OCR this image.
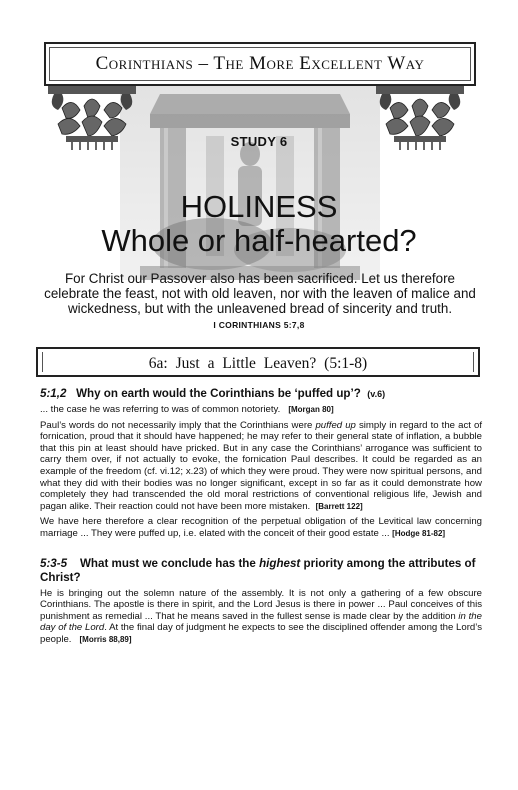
Corinthians – The More Excellent Way
STUDY 6
HOLINESS
Whole or half-hearted?
For Christ our Passover also has been sacrificed. Let us therefore celebrate the feast, not with old leaven, nor with the leaven of malice and wickedness, but with the unleavened bread of sincerity and truth.
I CORINTHIANS 5:7,8
6a: Just a Little Leaven? (5:1-8)
5:1,2 Why on earth would the Corinthians be ‘puffed up’? (v.6)

... the case he was referring to was of common notoriety. [Morgan 80]

Paul’s words do not necessarily imply that the Corinthians were puffed up simply in regard to the act of fornication, proud that it should have happened; he may refer to their general state of inflation, a bubble that this pin at least should have pricked. But in any case the Corinthians’ arrogance was sufficient to carry them over, if not actually to evoke, the fornication Paul describes. It could be regarded as an example of the freedom (cf. vi.12; x.23) of which they were proud. They were now spiritual persons, and what they did with their bodies was no longer significant, except in so far as it could demonstrate how completely they had transcended the old moral restrictions of conventional religious life, Jewish and pagan alike. Their reaction could not have been more mistaken. [Barrett 122]

We have here therefore a clear recognition of the perpetual obligation of the Levitical law concerning marriage ... They were puffed up, i.e. elated with the conceit of their good estate ... [Hodge 81-82]

5:3-5 What must we conclude has the highest priority among the attributes of Christ?

He is bringing out the solemn nature of the assembly. It is not only a gathering of a few obscure Corinthians. The apostle is there in spirit, and the Lord Jesus is there in power ... Paul conceives of this punishment as remedial ... That he means saved in the fullest sense is made clear by the addition in the day of the Lord. At the final day of judgment he expects to see the disciplined offender among the Lord’s people. [Morris 88,89]
